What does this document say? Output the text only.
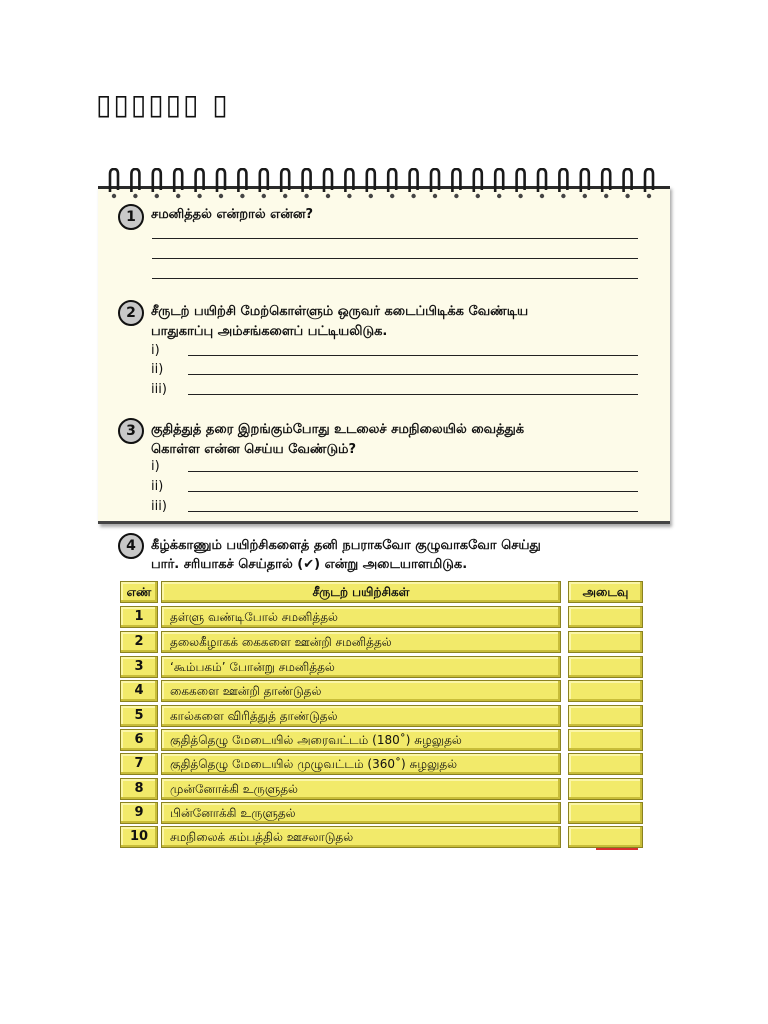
▯▯▯▯▯▯ ▯
1	சமனித்தல் என்றால் என்ன?
2	சீருடற் பயிற்சி மேற்கொள்ளும் ஒருவர் கடைப்பிடிக்க வேண்டிய
பாதுகாப்பு அம்சங்களைப் பட்டியலிடுக.
i)
ii)
iii)
3	குதித்துத் தரை இறங்கும்போது உடலைச் சமநிலையில் வைத்துக்
கொள்ள என்ன செய்ய வேண்டும்?
i)
ii)
iii)
4	கீழ்க்காணும் பயிற்சிகளைத் தனி நபராகவோ குழுவாகவோ செய்து
பார். சரியாகச் செய்தால் (✔) என்று அடையாளமிடுக.
எண்	சீருடற் பயிற்சிகள்	அடைவு
1	தள்ளு வண்டிபோல் சமனித்தல்
2	தலைகீழாகக் கைகளை ஊன்றி சமனித்தல்
3	‘கூம்பகம்’ போன்று சமனித்தல்
4	கைகளை ஊன்றி தாண்டுதல்
5	கால்களை விரித்துத் தாண்டுதல்
6	குதித்தெழு மேடையில் அரைவட்டம் (180˚) சுழலுதல்
7	குதித்தெழு மேடையில் முழுவட்டம் (360˚) சுழலுதல்
8	முன்னோக்கி உருளுதல்
9	பின்னோக்கி உருளுதல்
10	சமநிலைக் கம்பத்தில் ஊசலாடுதல்
